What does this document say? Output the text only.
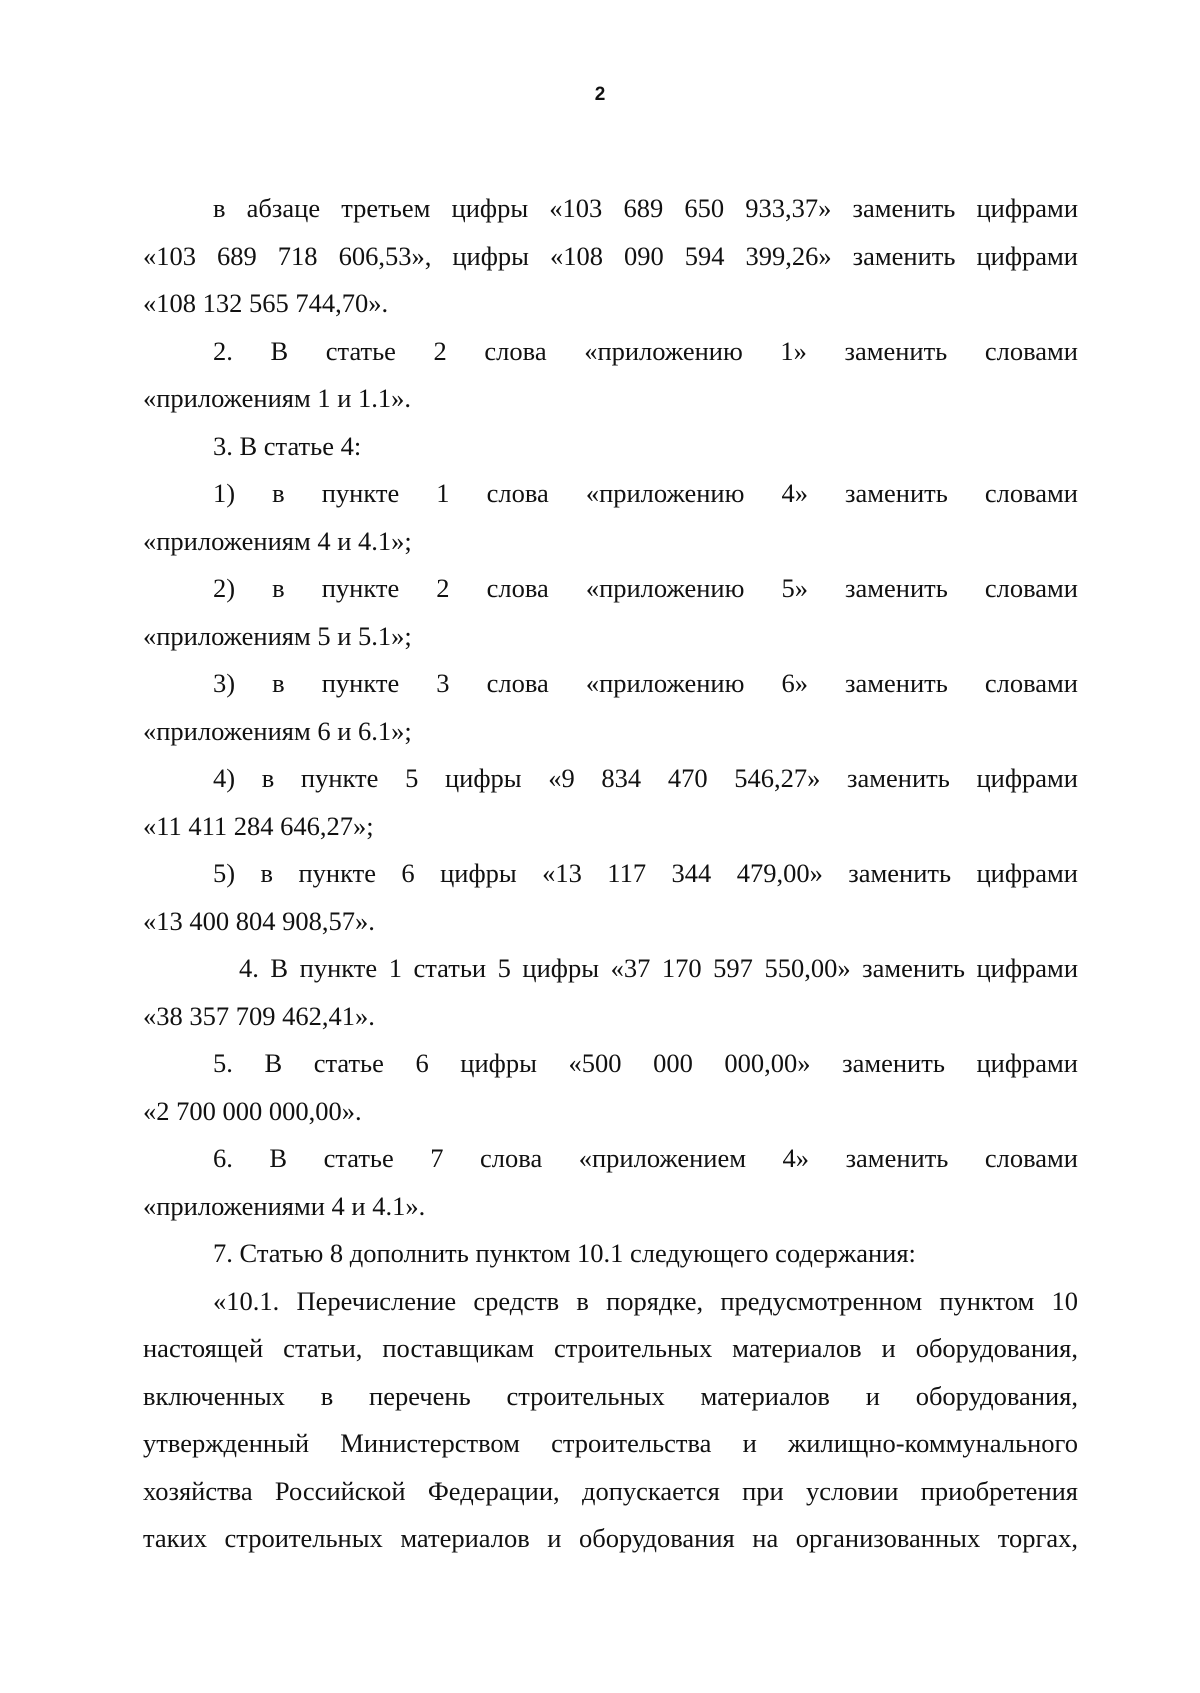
2
в абзаце третьем цифры «103 689 650 933,37» заменить цифрами
«103 689 718 606,53», цифры «108 090 594 399,26» заменить цифрами
«108 132 565 744,70».
2. В статье 2 слова «приложению 1» заменить словами
«приложениям 1 и 1.1».
3. В статье 4:
1) в пункте 1 слова «приложению 4» заменить словами
«приложениям 4 и 4.1»;
2) в пункте 2 слова «приложению 5» заменить словами
«приложениям 5 и 5.1»;
3) в пункте 3 слова «приложению 6» заменить словами
«приложениям 6 и 6.1»;
4) в пункте 5 цифры «9 834 470 546,27» заменить цифрами
«11 411 284 646,27»;
5) в пункте 6 цифры «13 117 344 479,00» заменить цифрами
«13 400 804 908,57».
4. В пункте 1 статьи 5 цифры «37 170 597 550,00» заменить цифрами
«38 357 709 462,41».
5. В статье 6 цифры «500 000 000,00» заменить цифрами
«2 700 000 000,00».
6. В статье 7 слова «приложением 4» заменить словами
«приложениями 4 и 4.1».
7. Статью 8 дополнить пунктом 10.1 следующего содержания:
«10.1. Перечисление средств в порядке, предусмотренном пунктом 10
настоящей статьи, поставщикам строительных материалов и оборудования,
включенных в перечень строительных материалов и оборудования,
утвержденный Министерством строительства и жилищно-коммунального
хозяйства Российской Федерации, допускается при условии приобретения
таких строительных материалов и оборудования на организованных торгах,
